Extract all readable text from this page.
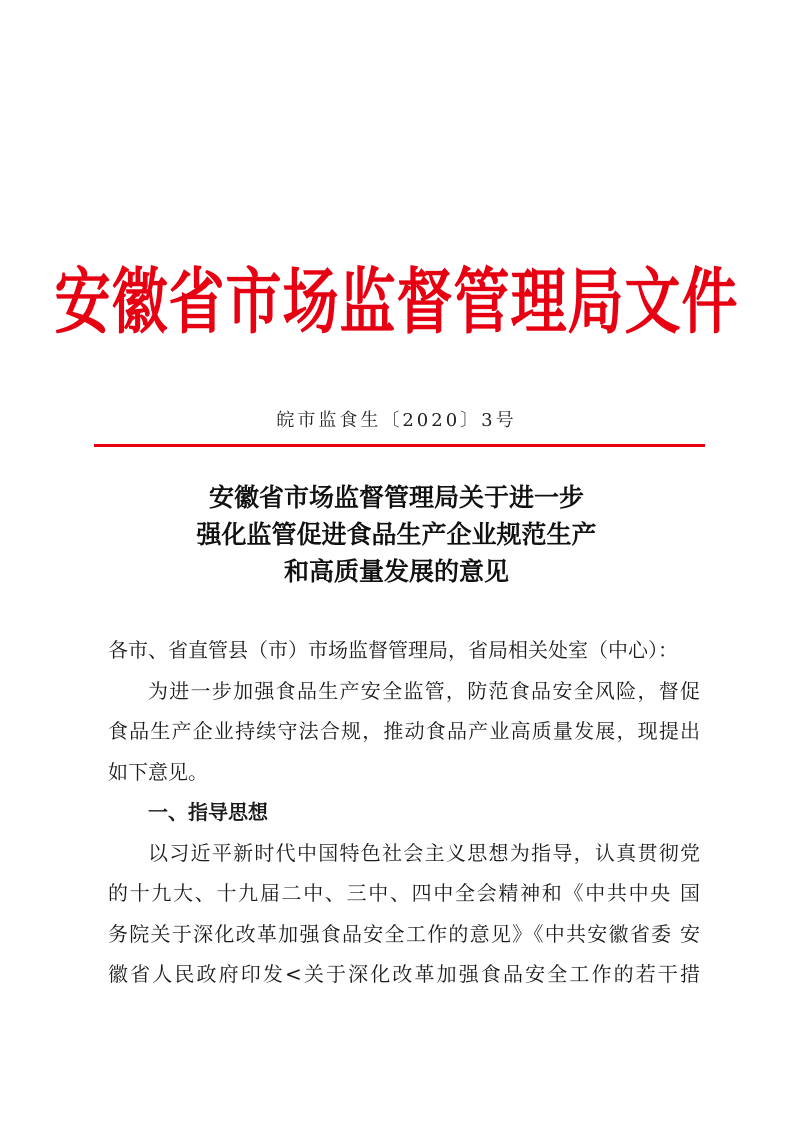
安徽省市场监督管理局文件
皖市监食生〔2020〕3号
安徽省市场监督管理局关于进一步
强化监管促进食品生产企业规范生产
和高质量发展的意见
各市、省直管县（市）市场监督管理局，省局相关处室（中心）：
为进一步加强食品生产安全监管，防范食品安全风险，督促
食品生产企业持续守法合规，推动食品产业高质量发展，现提出
如下意见。
一、指导思想
以习近平新时代中国特色社会主义思想为指导，认真贯彻党
的十九大、十九届二中、三中、四中全会精神和《中共中央 国
务院关于深化改革加强食品安全工作的意见》《中共安徽省委 安
徽省人民政府印发<关于深化改革加强食品安全工作的若干措
